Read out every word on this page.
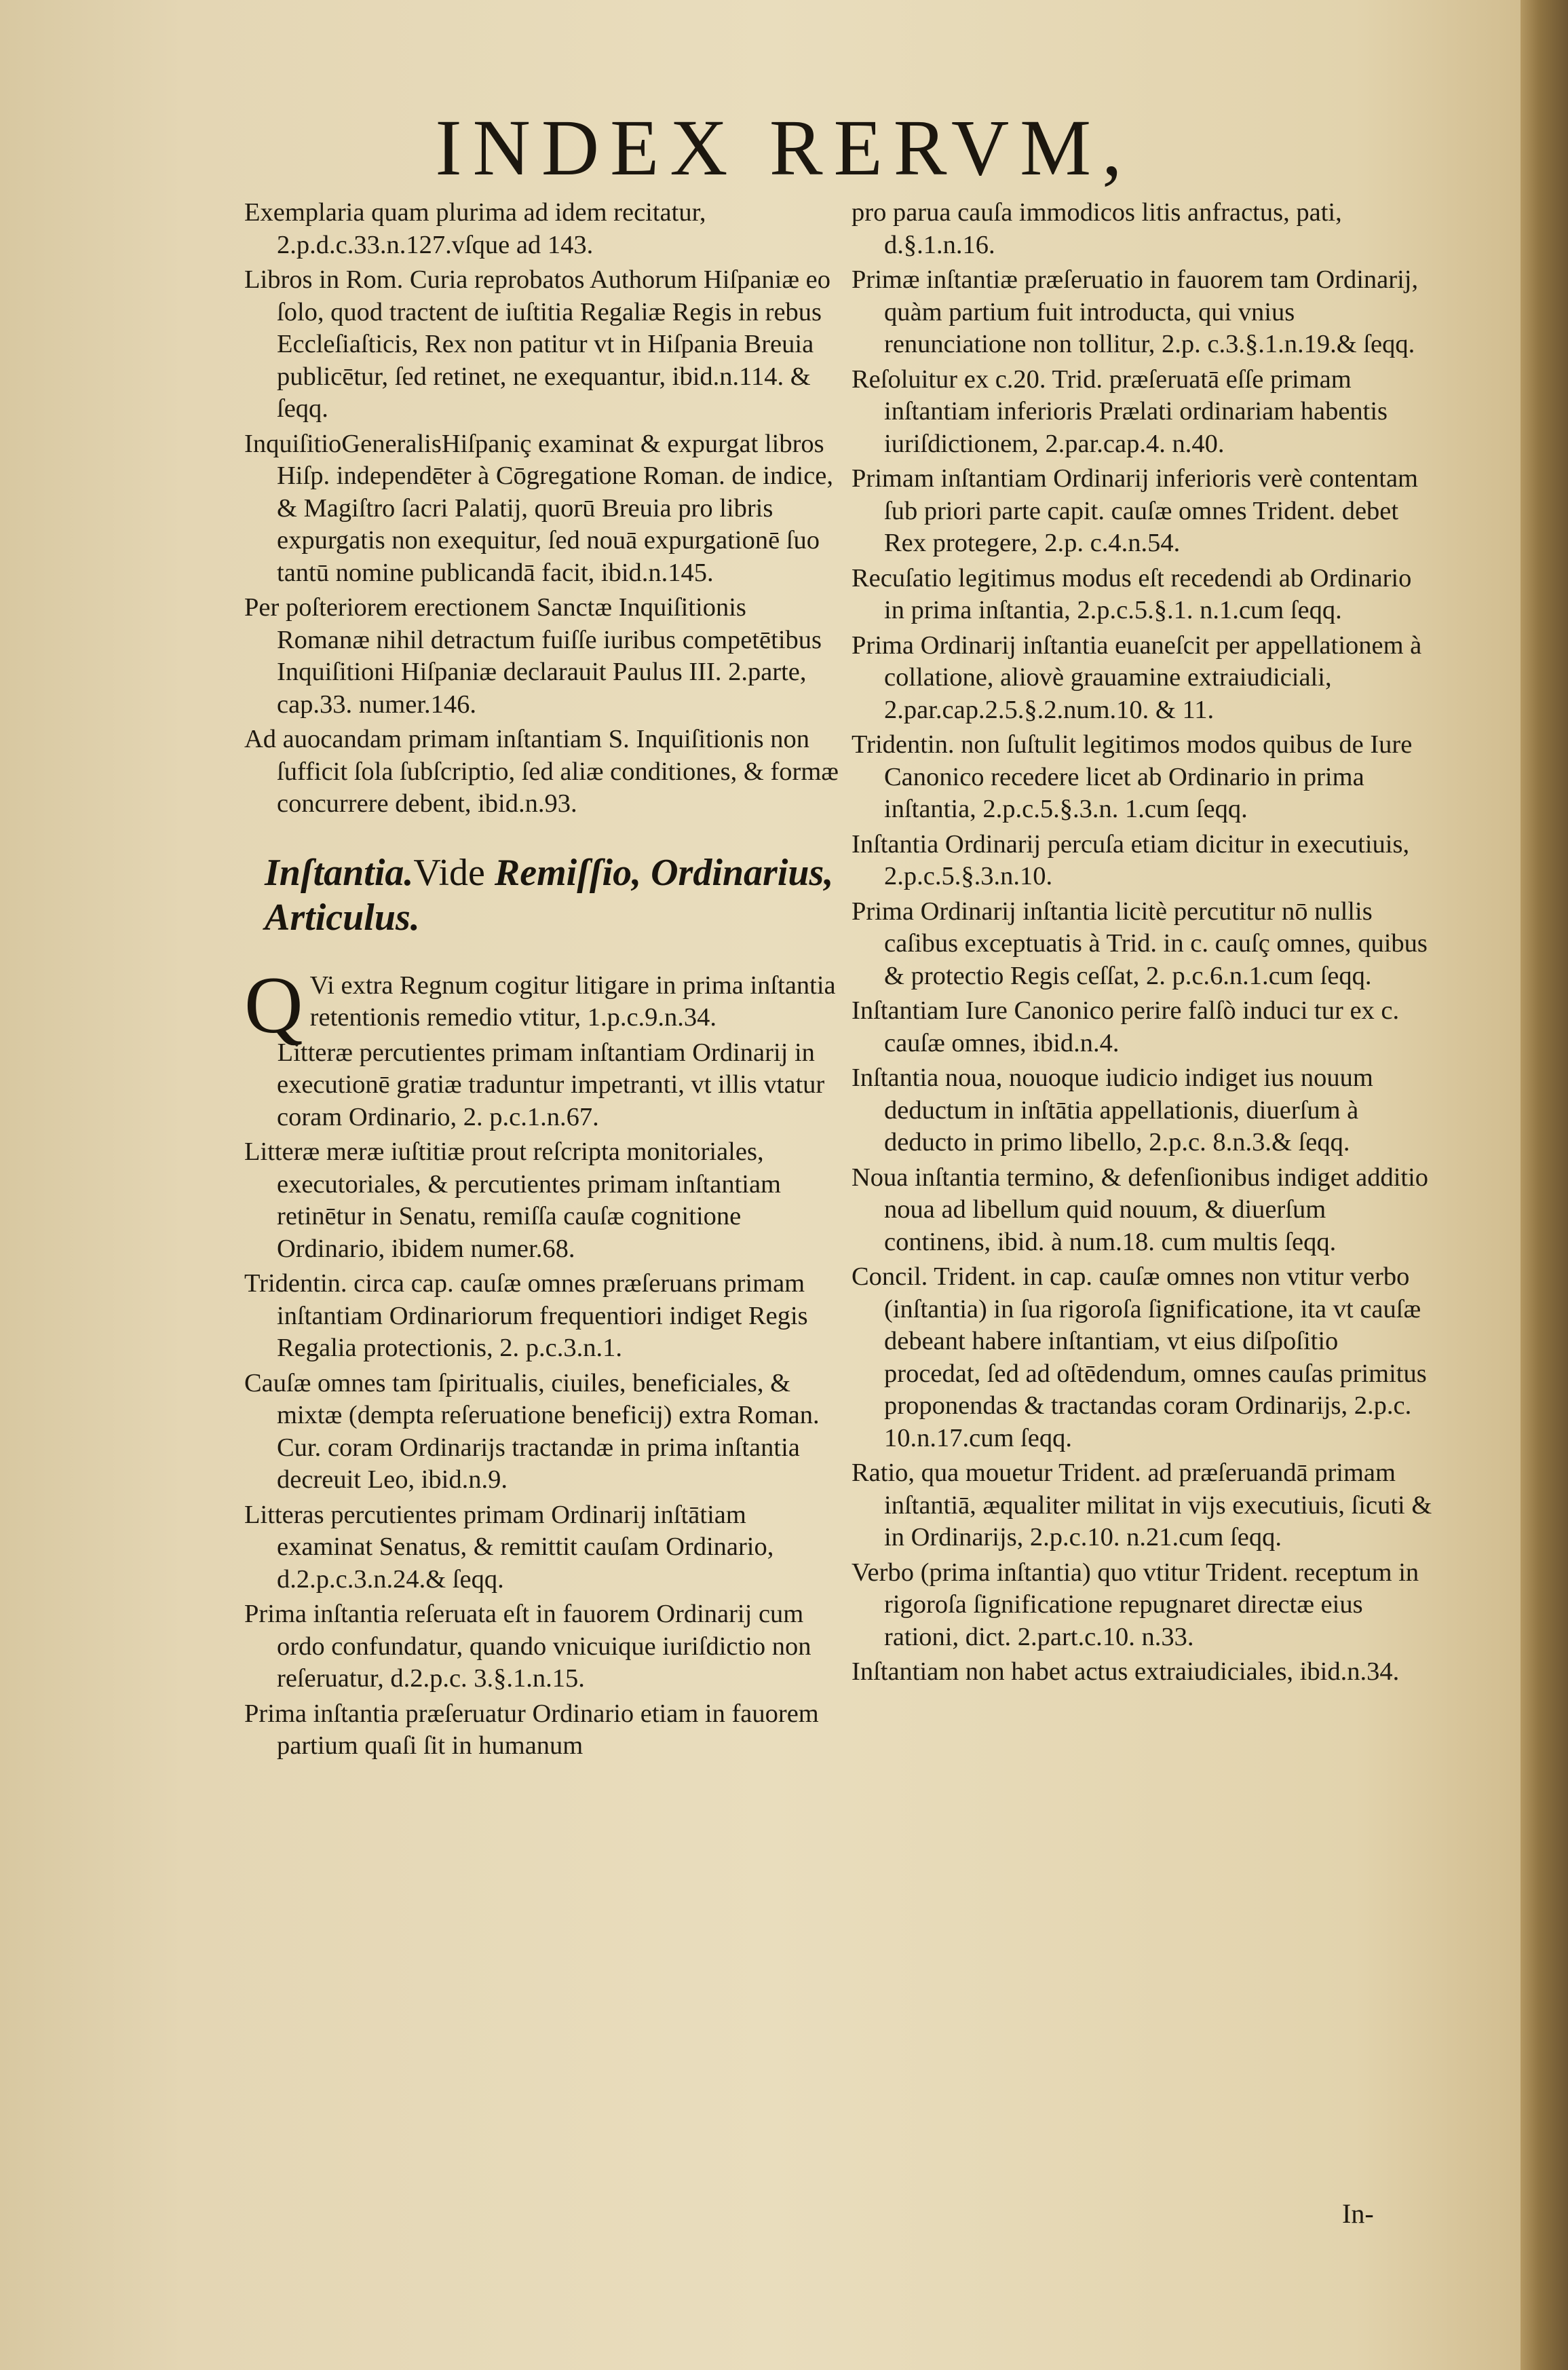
INDEX RERVM,
Exemplaria quam plurima ad idem recitatur, 2.p.d.c.33.n.127.vſque ad 143.
Libros in Rom. Curia reprobatos Authorum Hiſpaniæ eo ſolo, quod tractent de iuſtitia Regaliæ Regis in rebus Eccleſiaſticis, Rex non patitur vt in Hiſpania Breuia publicētur, ſed retinet, ne exequantur, ibid.n.114. & ſeqq.
InquiſitioGeneralisHiſpaniç examinat & expurgat libros Hiſp. independēter à Cōgregatione Roman. de indice, & Magiſtro ſacri Palatij, quorū Breuia pro libris expurgatis non exequitur, ſed nouā expurgationē ſuo tantū nomine publicandā facit, ibid.n.145.
Per poſteriorem erectionem Sanctæ Inquiſitionis Romanæ nihil detractum fuiſſe iuribus competētibus Inquiſitioni Hiſpaniæ declarauit Paulus III. 2.parte, cap.33. numer.146.
Ad auocandam primam inſtantiam S. Inquiſitionis non ſufficit ſola ſubſcriptio, ſed aliæ conditiones, & formæ concurrere debent, ibid.n.93.
Inſtantia.Vide Remiſſio, Ordinarius, Articulus.
Q Vi extra Regnum cogitur litigare in prima inſtantia retentionis remedio vtitur, 1.p.c.9.n.34.
Litteræ percutientes primam inſtantiam Ordinarij in executionē gratiæ traduntur impetranti, vt illis vtatur coram Ordinario, 2. p.c.1.n.67.
Litteræ meræ iuſtitiæ prout reſcripta monitoriales, executoriales, & percutientes primam inſtantiam retinētur in Senatu, remiſſa cauſæ cognitione Ordinario, ibidem numer.68.
Tridentin. circa cap. cauſæ omnes præſeruans primam inſtantiam Ordinariorum frequentiori indiget Regis Regalia protectionis, 2. p.c.3.n.1.
Cauſæ omnes tam ſpiritualis, ciuiles, beneficiales, & mixtæ (dempta reſeruatione beneficij) extra Roman. Cur. coram Ordinarijs tractandæ in prima inſtantia decreuit Leo, ibid.n.9.
Litteras percutientes primam Ordinarij inſtātiam examinat Senatus, & remittit cauſam Ordinario, d.2.p.c.3.n.24.& ſeqq.
Prima inſtantia reſeruata eſt in fauorem Ordinarij cum ordo confundatur, quando vnicuique iuriſdictio non reſeruatur, d.2.p.c. 3.§.1.n.15.
Prima inſtantia præſeruatur Ordinario etiam in fauorem partium quaſi ſit in humanum
pro parua cauſa immodicos litis anfractus, pati, d.§.1.n.16.
Primæ inſtantiæ præſeruatio in fauorem tam Ordinarij, quàm partium fuit introducta, qui vnius renunciatione non tollitur, 2.p. c.3.§.1.n.19.& ſeqq.
Reſoluitur ex c.20. Trid. præſeruatā eſſe primam inſtantiam inferioris Prælati ordinariam habentis iuriſdictionem, 2.par.cap.4. n.40.
Primam inſtantiam Ordinarij inferioris verè contentam ſub priori parte capit. cauſæ omnes Trident. debet Rex protegere, 2.p. c.4.n.54.
Recuſatio legitimus modus eſt recedendi ab Ordinario in prima inſtantia, 2.p.c.5.§.1. n.1.cum ſeqq.
Prima Ordinarij inſtantia euaneſcit per appellationem à collatione, aliovè grauamine extraiudiciali, 2.par.cap.2.5.§.2.num.10. & 11.
Tridentin. non ſuſtulit legitimos modos quibus de Iure Canonico recedere licet ab Ordinario in prima inſtantia, 2.p.c.5.§.3.n. 1.cum ſeqq.
Inſtantia Ordinarij percuſa etiam dicitur in executiuis, 2.p.c.5.§.3.n.10.
Prima Ordinarij inſtantia licitè percutitur nō nullis caſibus exceptuatis à Trid. in c. cauſç omnes, quibus & protectio Regis ceſſat, 2. p.c.6.n.1.cum ſeqq.
Inſtantiam Iure Canonico perire falſò induci tur ex c. cauſæ omnes, ibid.n.4.
Inſtantia noua, nouoque iudicio indiget ius nouum deductum in inſtātia appellationis, diuerſum à deducto in primo libello, 2.p.c. 8.n.3.& ſeqq.
Noua inſtantia termino, & defenſionibus indiget additio noua ad libellum quid nouum, & diuerſum continens, ibid. à num.18. cum multis ſeqq.
Concil. Trident. in cap. cauſæ omnes non vtitur verbo (inſtantia) in ſua rigoroſa ſignificatione, ita vt cauſæ debeant habere inſtantiam, vt eius diſpoſitio procedat, ſed ad oſtēdendum, omnes cauſas primitus proponendas & tractandas coram Ordinarijs, 2.p.c. 10.n.17.cum ſeqq.
Ratio, qua mouetur Trident. ad præſeruandā primam inſtantiā, æqualiter militat in vijs executiuis, ſicuti & in Ordinarijs, 2.p.c.10. n.21.cum ſeqq.
Verbo (prima inſtantia) quo vtitur Trident. receptum in rigoroſa ſignificatione repugnaret directæ eius rationi, dict. 2.part.c.10. n.33.
Inſtantiam non habet actus extraiudiciales, ibid.n.34.
In-
